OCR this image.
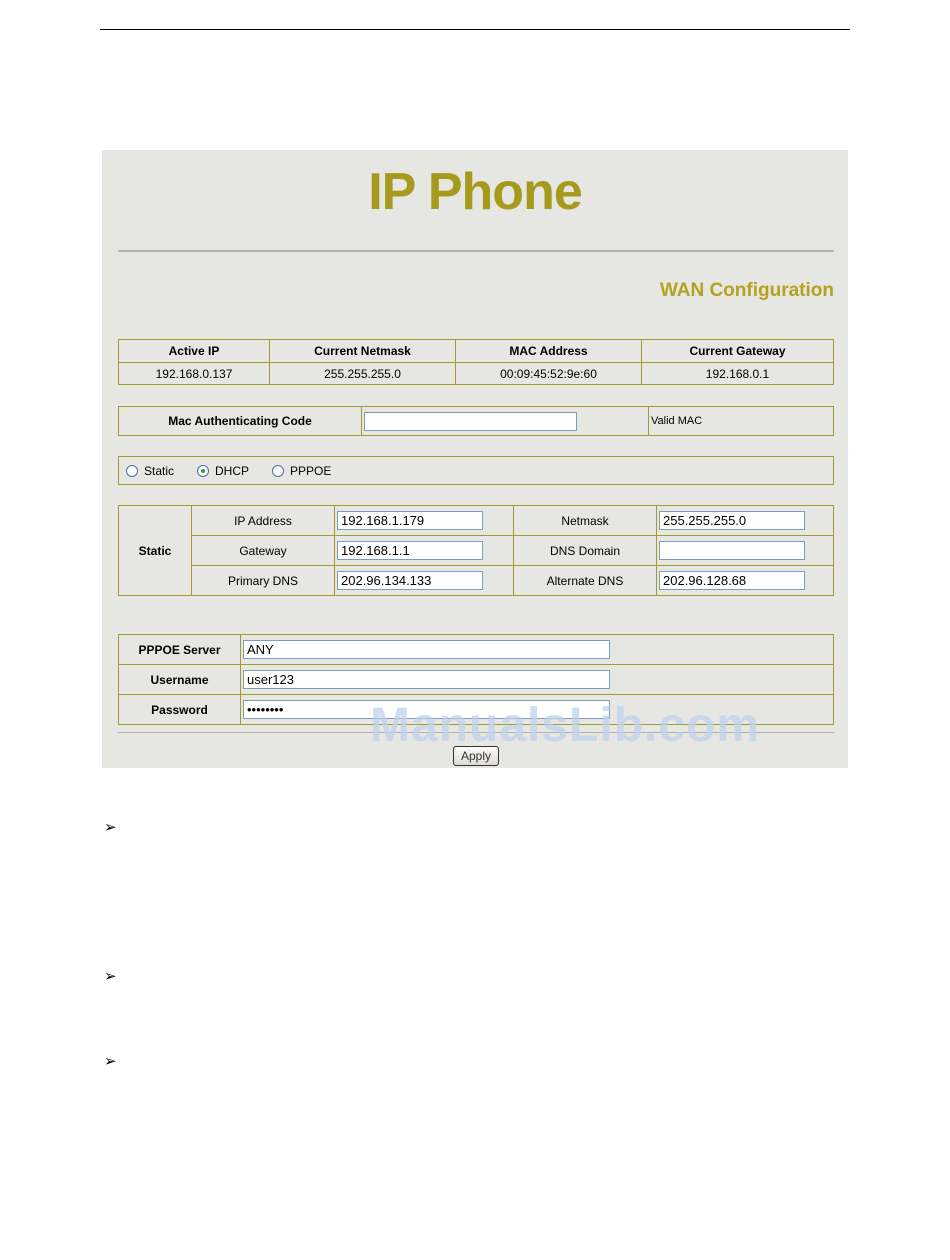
IP Phone
WAN Configuration
Active IP	Current Netmask	MAC Address	Current Gateway
192.168.0.137	255.255.255.0	00:09:45:52:9e:60	192.168.0.1
Mac Authenticating Code		Valid MAC
Static	DHCP	PPPOE
Static	IP Address	192.168.1.179	Netmask	255.255.255.0

	Gateway	192.168.1.1	DNS Domain	

	Primary DNS	202.96.134.133	Alternate DNS	202.96.128.68
PPPOE Server	ANY

Username	user123

Password	••••••••
Apply
ManualsLib.com
➢
➢
➢
